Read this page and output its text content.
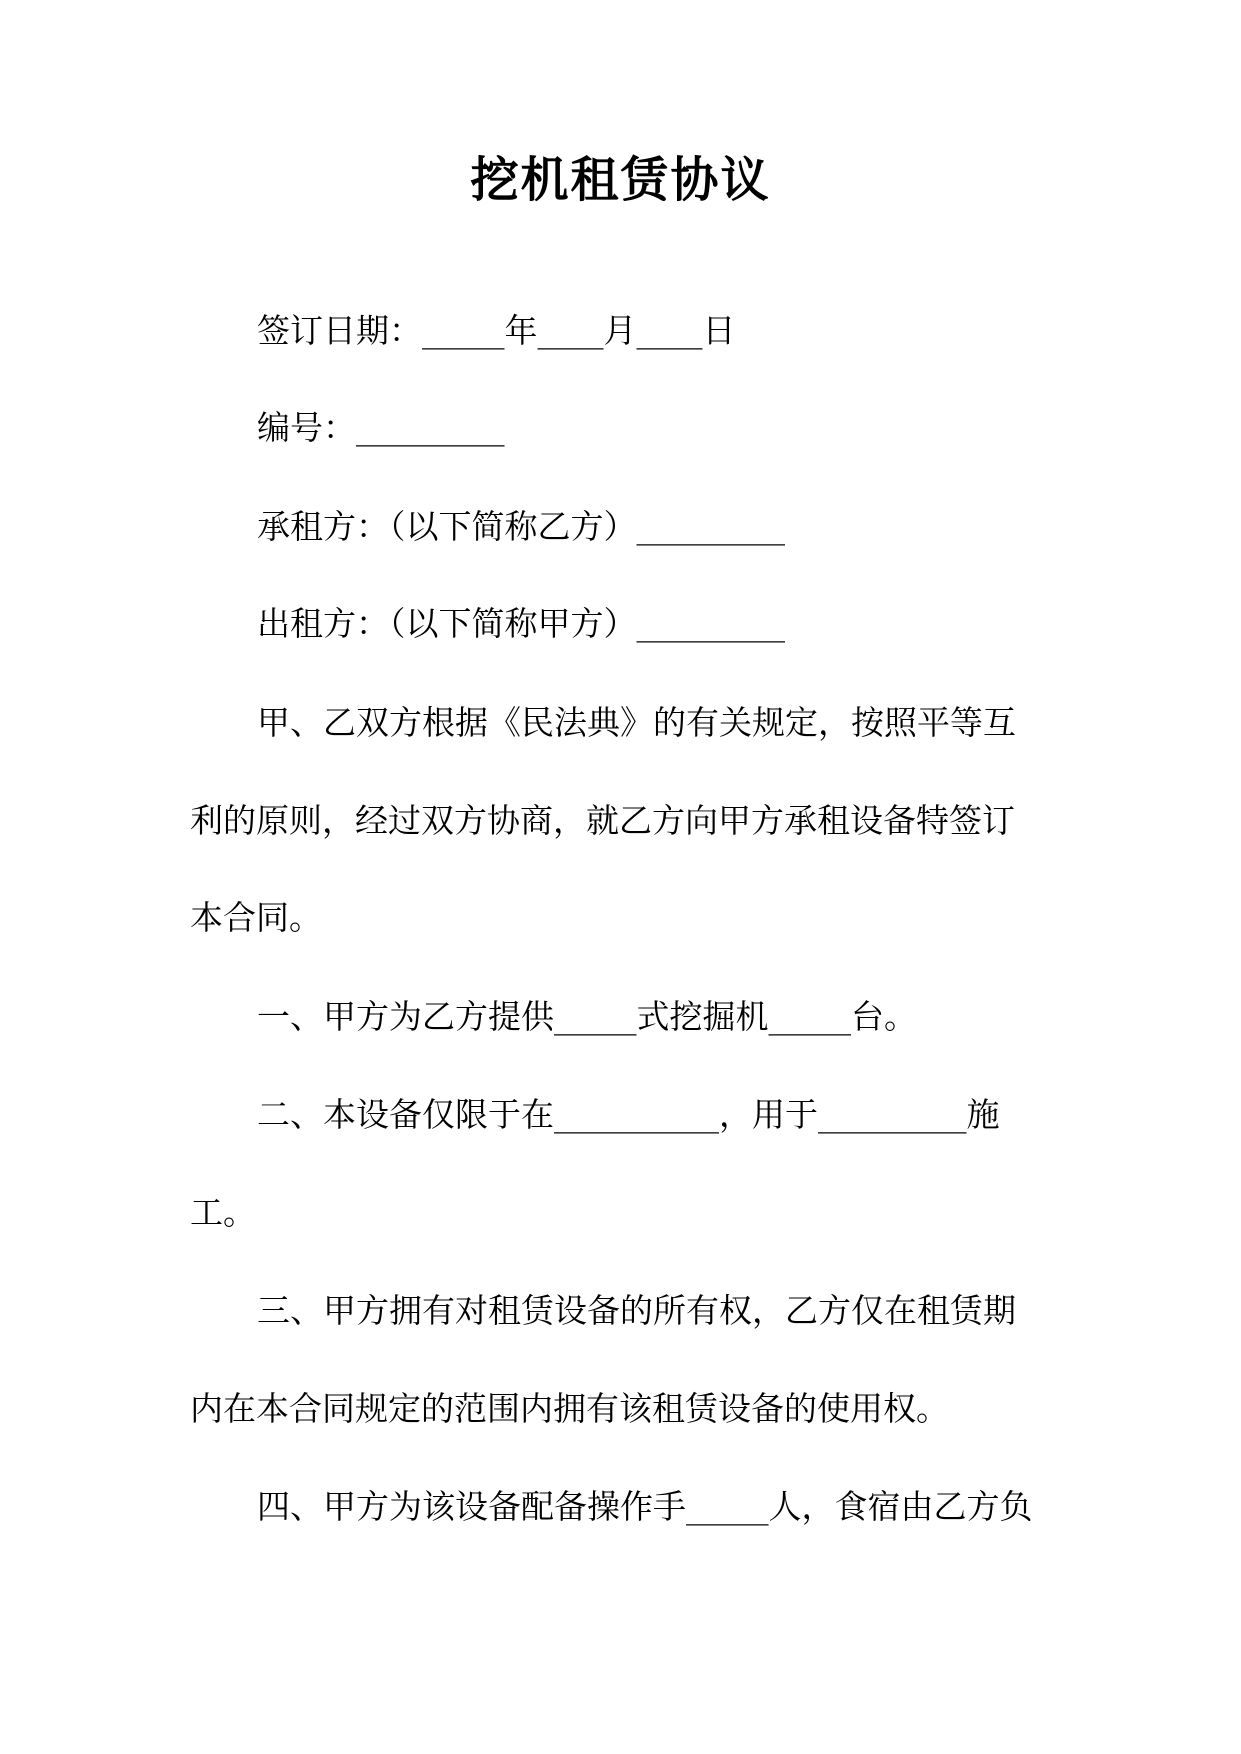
挖机租赁协议
签订日期：_____年____月____日
编号：_________
承租方：（以下简称乙方）_________
出租方：（以下简称甲方）_________
甲、乙双方根据《民法典》的有关规定，按照平等互
利的原则，经过双方协商，就乙方向甲方承租设备特签订
本合同。
一、甲方为乙方提供_____式挖掘机_____台。
二、本设备仅限于在__________，用于_________施
工。
三、甲方拥有对租赁设备的所有权，乙方仅在租赁期
内在本合同规定的范围内拥有该租赁设备的使用权。
四、甲方为该设备配备操作手_____人，食宿由乙方负
